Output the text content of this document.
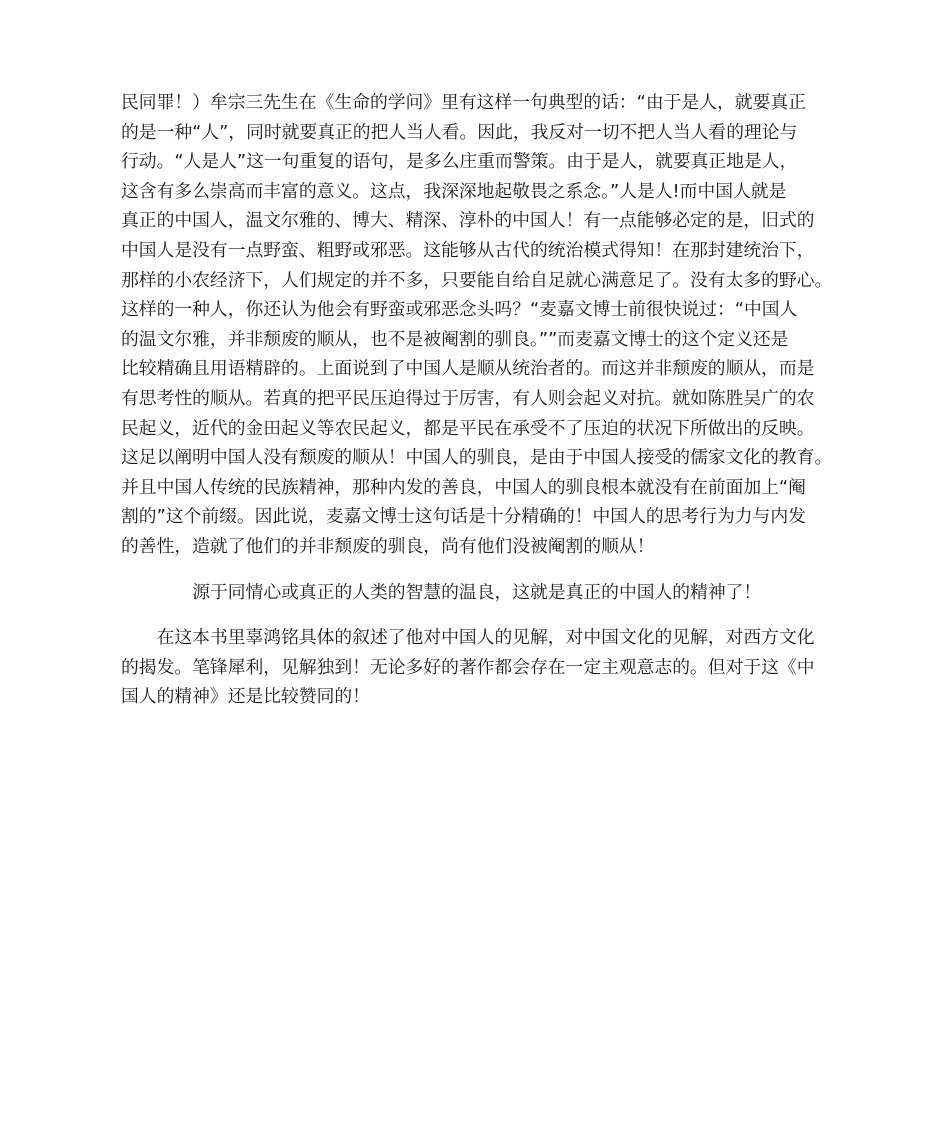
民同罪！）牟宗三先生在《生命的学问》里有这样一句典型的话：“由于是人，就要真正
的是一种“人”，同时就要真正的把人当人看。因此，我反对一切不把人当人看的理论与
行动。“人是人”这一句重复的语句，是多么庄重而警策。由于是人，就要真正地是人，
这含有多么崇高而丰富的意义。这点，我深深地起敬畏之系念。”人是人!而中国人就是
真正的中国人，温文尔雅的、博大、精深、淳朴的中国人！有一点能够必定的是，旧式的
中国人是没有一点野蛮、粗野或邪恶。这能够从古代的统治模式得知！在那封建统治下，
那样的小农经济下，人们规定的并不多，只要能自给自足就心满意足了。没有太多的野心。
这样的一种人，你还认为他会有野蛮或邪恶念头吗？“麦嘉文博士前很快说过：“中国人
的温文尔雅，并非颓废的顺从，也不是被阉割的驯良。””而麦嘉文博士的这个定义还是
比较精确且用语精辟的。上面说到了中国人是顺从统治者的。而这并非颓废的顺从，而是
有思考性的顺从。若真的把平民压迫得过于厉害，有人则会起义对抗。就如陈胜吴广的农
民起义，近代的金田起义等农民起义，都是平民在承受不了压迫的状况下所做出的反映。
这足以阐明中国人没有颓废的顺从！中国人的驯良，是由于中国人接受的儒家文化的教育。
并且中国人传统的民族精神，那种内发的善良，中国人的驯良根本就没有在前面加上“阉
割的”这个前缀。因此说，麦嘉文博士这句话是十分精确的！中国人的思考行为力与内发
的善性，造就了他们的并非颓废的驯良，尚有他们没被阉割的顺从！
源于同情心或真正的人类的智慧的温良，这就是真正的中国人的精神了！
在这本书里辜鸿铭具体的叙述了他对中国人的见解，对中国文化的见解，对西方文化
的揭发。笔锋犀利，见解独到！无论多好的著作都会存在一定主观意志的。但对于这《中
国人的精神》还是比较赞同的！
